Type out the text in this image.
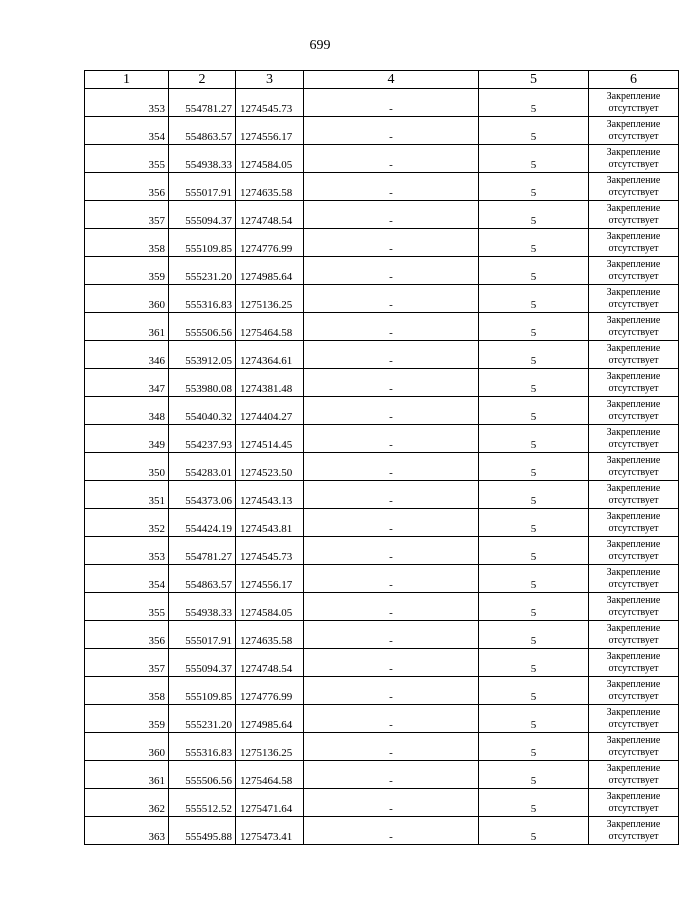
699
1	2	3	4	5	6
353	554781.27	1274545.73	-	5	Закрепление отсутствует
354	554863.57	1274556.17	-	5	Закрепление отсутствует
355	554938.33	1274584.05	-	5	Закрепление отсутствует
356	555017.91	1274635.58	-	5	Закрепление отсутствует
357	555094.37	1274748.54	-	5	Закрепление отсутствует
358	555109.85	1274776.99	-	5	Закрепление отсутствует
359	555231.20	1274985.64	-	5	Закрепление отсутствует
360	555316.83	1275136.25	-	5	Закрепление отсутствует
361	555506.56	1275464.58	-	5	Закрепление отсутствует
346	553912.05	1274364.61	-	5	Закрепление отсутствует
347	553980.08	1274381.48	-	5	Закрепление отсутствует
348	554040.32	1274404.27	-	5	Закрепление отсутствует
349	554237.93	1274514.45	-	5	Закрепление отсутствует
350	554283.01	1274523.50	-	5	Закрепление отсутствует
351	554373.06	1274543.13	-	5	Закрепление отсутствует
352	554424.19	1274543.81	-	5	Закрепление отсутствует
353	554781.27	1274545.73	-	5	Закрепление отсутствует
354	554863.57	1274556.17	-	5	Закрепление отсутствует
355	554938.33	1274584.05	-	5	Закрепление отсутствует
356	555017.91	1274635.58	-	5	Закрепление отсутствует
357	555094.37	1274748.54	-	5	Закрепление отсутствует
358	555109.85	1274776.99	-	5	Закрепление отсутствует
359	555231.20	1274985.64	-	5	Закрепление отсутствует
360	555316.83	1275136.25	-	5	Закрепление отсутствует
361	555506.56	1275464.58	-	5	Закрепление отсутствует
362	555512.52	1275471.64	-	5	Закрепление отсутствует
363	555495.88	1275473.41	-	5	Закрепление отсутствует
